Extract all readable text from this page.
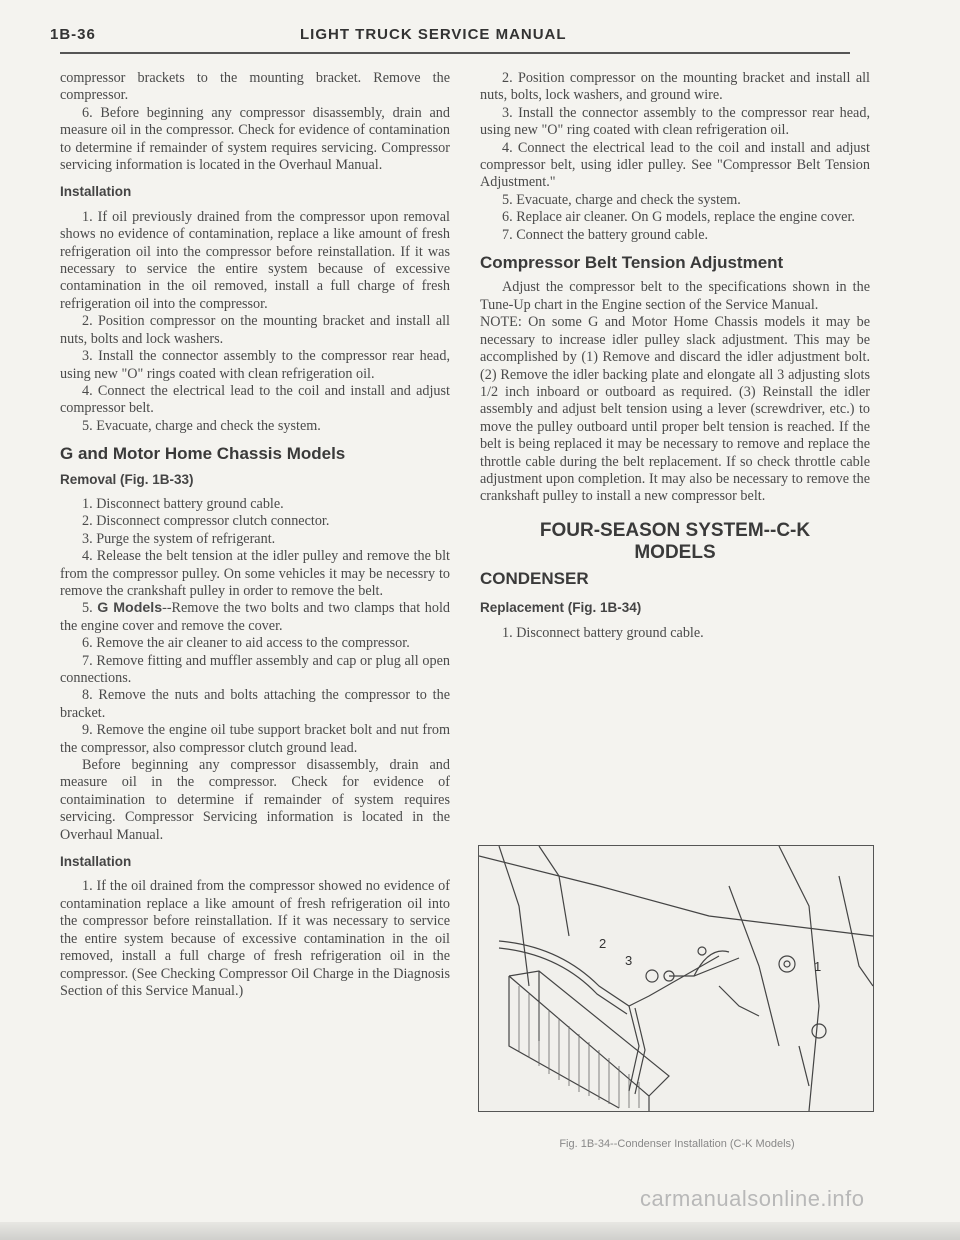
1B-36	LIGHT TRUCK SERVICE MANUAL

compressor brackets to the mounting bracket. Remove the compressor.

6. Before beginning any compressor disassembly, drain and measure oil in the compressor. Check for evidence of contamination to determine if remainder of system requires servicing. Compressor servicing information is located in the Overhaul Manual.

Installation

1. If oil previously drained from the compressor upon removal shows no evidence of contamination, replace a like amount of fresh refrigeration oil into the compressor before reinstallation. If it was necessary to service the entire system because of excessive contamination in the oil removed, install a full charge of fresh refrigeration oil into the compressor.

2. Position compressor on the mounting bracket and install all nuts, bolts and lock washers.

3. Install the connector assembly to the compressor rear head, using new "O" rings coated with clean refrigeration oil.

4. Connect the electrical lead to the coil and install and adjust compressor belt.

5. Evacuate, charge and check the system.

G and Motor Home Chassis Models
Removal (Fig. 1B-33)

1. Disconnect battery ground cable.

2. Disconnect compressor clutch connector.

3. Purge the system of refrigerant.

4. Release the belt tension at the idler pulley and remove the blt from the compressor pulley. On some vehicles it may be necessry to remove the crankshaft pulley in order to remove the belt.

5. G Models--Remove the two bolts and two clamps that hold the engine cover and remove the cover.

6. Remove the air cleaner to aid access to the compressor.

7. Remove fitting and muffler assembly and cap or plug all open connections.

8. Remove the nuts and bolts attaching the compressor to the bracket.

9. Remove the engine oil tube support bracket bolt and nut from the compressor, also compressor clutch ground lead.

Before beginning any compressor disassembly, drain and measure oil in the compressor. Check for evidence of contaimination to determine if remainder of system requires servicing. Compressor Servicing information is located in the Overhaul Manual.

Installation

1. If the oil drained from the compressor showed no evidence of contamination replace a like amount of fresh refrigeration oil into the compressor before reinstallation. If it was necessary to service the entire system because of excessive contamination in the oil removed, install a full charge of fresh refrigeration oil in the compressor. (See Checking Compressor Oil Charge in the Diagnosis Section of this Service Manual.)

2. Position compressor on the mounting bracket and install all nuts, bolts, lock washers, and ground wire.

3. Install the connector assembly to the compressor rear head, using new "O" ring coated with clean refrigeration oil.

4. Connect the electrical lead to the coil and install and adjust compressor belt, using idler pulley. See "Compressor Belt Tension Adjustment."

5. Evacuate, charge and check the system.

6. Replace air cleaner. On G models, replace the engine cover.

7. Connect the battery ground cable.

Compressor Belt Tension Adjustment

Adjust the compressor belt to the specifications shown in the Tune-Up chart in the Engine section of the Service Manual.

NOTE: On some G and Motor Home Chassis models it may be necessary to increase idler pulley slack adjustment. This may be accomplished by (1) Remove and discard the idler adjustment bolt. (2) Remove the idler backing plate and elongate all 3 adjusting slots 1/2 inch inboard or outboard as required. (3) Reinstall the idler assembly and adjust belt tension using a lever (screwdriver, etc.) to move the pulley outboard until proper belt tension is reached. If the belt is being replaced it may be necessary to remove and replace the throttle cable during the belt replacement. If so check throttle cable adjustment upon completion. It may also be necessary to remove the crankshaft pulley to install a new compressor belt.

FOUR-SEASON SYSTEM--C-K
MODELS
CONDENSER
Replacement (Fig. 1B-34)

1. Disconnect battery ground cable.

2
3	1
Fig. 1B-34--Condenser Installation (C-K Models)
carmanualsonline.info
